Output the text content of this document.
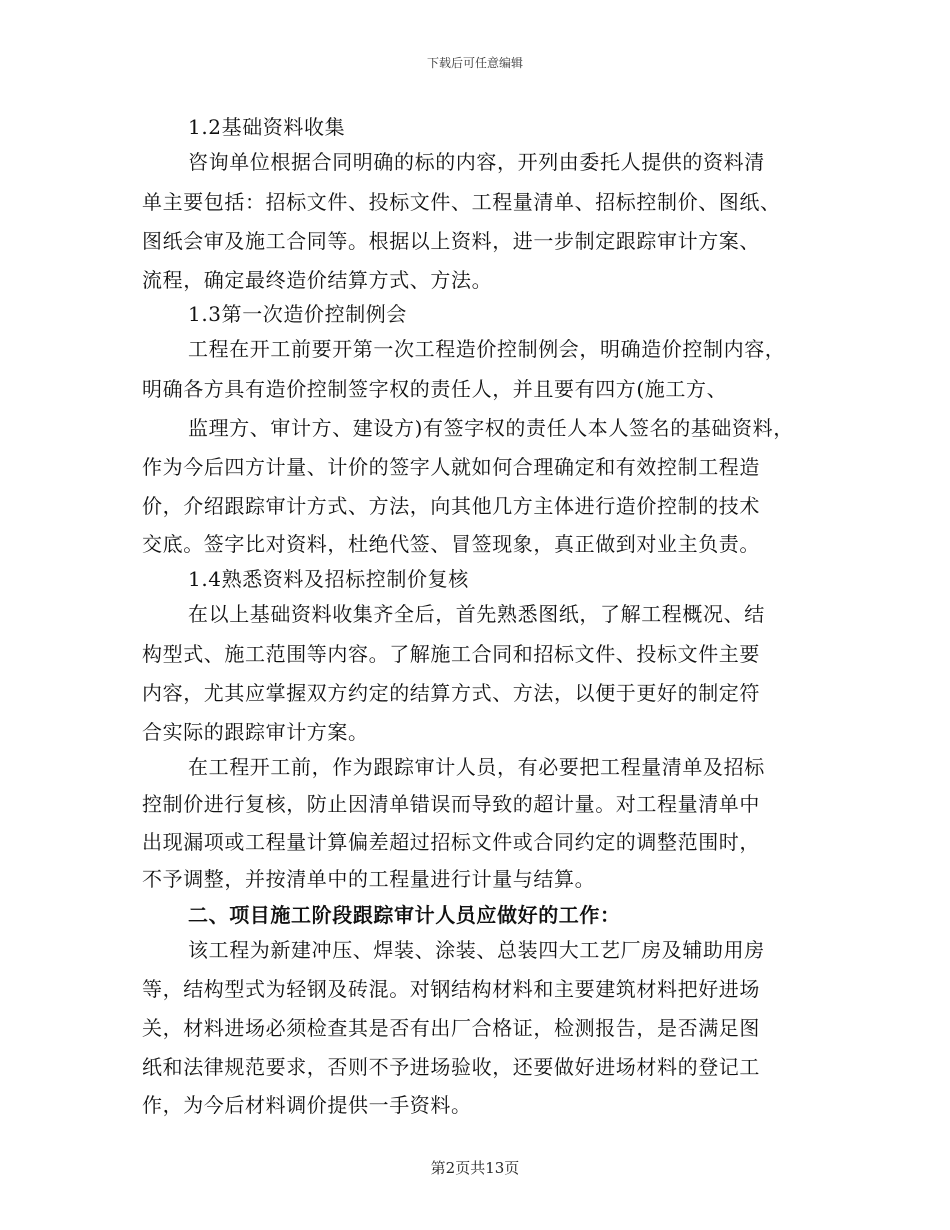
下载后可任意编辑
1.2基础资料收集
咨询单位根据合同明确的标的内容，开列由委托人提供的资料清
单主要包括：招标文件、投标文件、工程量清单、招标控制价、图纸、
图纸会审及施工合同等。根据以上资料，进一步制定跟踪审计方案、
流程，确定最终造价结算方式、方法。
1.3第一次造价控制例会
工程在开工前要开第一次工程造价控制例会，明确造价控制内容，
明确各方具有造价控制签字权的责任人，并且要有四方(施工方、
监理方、审计方、建设方)有签字权的责任人本人签名的基础资料，
作为今后四方计量、计价的签字人就如何合理确定和有效控制工程造
价，介绍跟踪审计方式、方法，向其他几方主体进行造价控制的技术
交底。签字比对资料，杜绝代签、冒签现象，真正做到对业主负责。
1.4熟悉资料及招标控制价复核
在以上基础资料收集齐全后，首先熟悉图纸，了解工程概况、结
构型式、施工范围等内容。了解施工合同和招标文件、投标文件主要
内容，尤其应掌握双方约定的结算方式、方法，以便于更好的制定符
合实际的跟踪审计方案。
在工程开工前，作为跟踪审计人员，有必要把工程量清单及招标
控制价进行复核，防止因清单错误而导致的超计量。对工程量清单中
出现漏项或工程量计算偏差超过招标文件或合同约定的调整范围时，
不予调整，并按清单中的工程量进行计量与结算。
二、项目施工阶段跟踪审计人员应做好的工作：
该工程为新建冲压、焊装、涂装、总装四大工艺厂房及辅助用房
等，结构型式为轻钢及砖混。对钢结构材料和主要建筑材料把好进场
关，材料进场必须检查其是否有出厂合格证，检测报告，是否满足图
纸和法律规范要求，否则不予进场验收，还要做好进场材料的登记工
作，为今后材料调价提供一手资料。
第2页共13页
